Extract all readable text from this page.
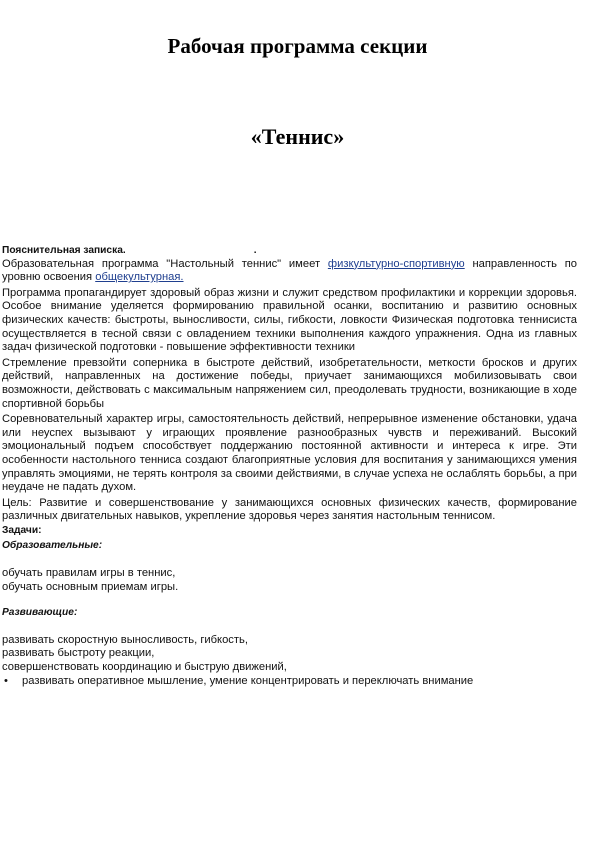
Рабочая программа секции
«Теннис»

Пояснительная записка.	.

Образовательная программа "Настольный теннис" имеет физкультурно-спортивную направленность по уровню освоения общекультурная.

Программа пропагандирует здоровый образ жизни и служит средством профилактики и коррекции здоровья. Особое внимание уделяется формированию правильной осанки, воспитанию и развитию основных физических качеств: быстроты, выносливости, силы, гибкости, ловкости Физическая подготовка теннисиста осуществляется в тесной связи с овладением техники выполнения каждого упражнения. Одна из главных задач физической подготовки - повышение эффективности техники

Стремление превзойти соперника в быстроте действий, изобретательности, меткости бросков и других действий, направленных на достижение победы, приучает занимающихся мобилизовывать свои возможности, действовать с максимальным напряжением сил, преодолевать трудности, возникающие в ходе спортивной борьбы

Соревновательный характер игры, самостоятельность действий, непрерывное изменение обстановки, удача или неуспех вызывают у играющих проявление разнообразных чувств и переживаний. Высокий эмоциональный подъем способствует поддержанию постоянной активности и интереса к игре. Эти особенности настольного тенниса создают благоприятные условия для воспитания у занимающихся умения управлять эмоциями, не терять контроля за своими действиями, в случае успеха не ослаблять борьбы, а при неудаче не падать духом.

Цель: Развитие и совершенствование у занимающихся основных физических качеств, формирование различных двигательных навыков, укрепление здоровья через занятия настольным теннисом.

Задачи:

Образовательные:

обучать правилам игры в теннис,

обучать основным приемам игры.

Развивающие:

развивать скоростную выносливость, гибкость,

развивать быстроту реакции,

совершенствовать координацию и быструю движений,

• развивать оперативное мышление, умение концентрировать и переключать внимание
